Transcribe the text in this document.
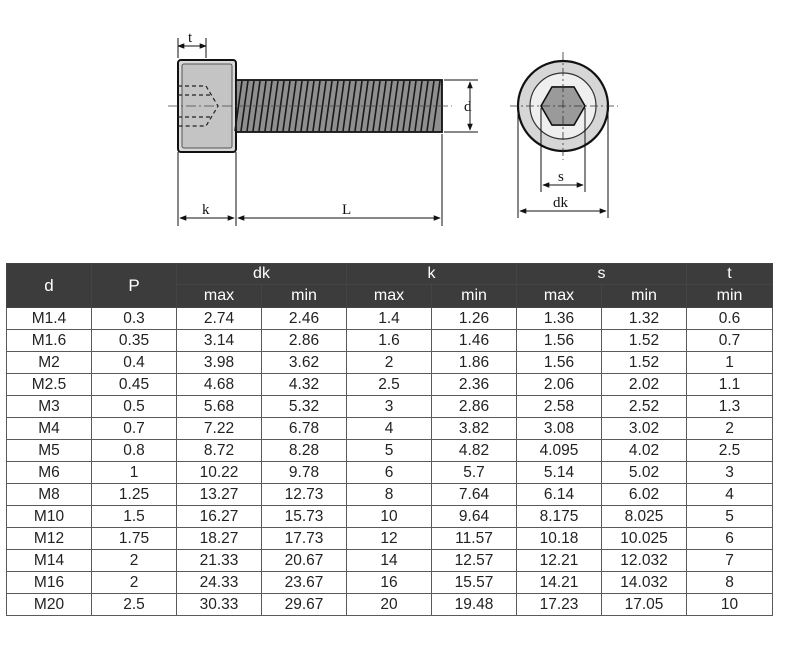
t
d
k	L
s
dk
d	P	dk		k		s		t
		max	min	max	min	max	min	min
M1.4	0.3	2.74	2.46	1.4	1.26	1.36	1.32	0.6
M1.6	0.35	3.14	2.86	1.6	1.46	1.56	1.52	0.7
M2	0.4	3.98	3.62	2	1.86	1.56	1.52	1
M2.5	0.45	4.68	4.32	2.5	2.36	2.06	2.02	1.1
M3	0.5	5.68	5.32	3	2.86	2.58	2.52	1.3
M4	0.7	7.22	6.78	4	3.82	3.08	3.02	2
M5	0.8	8.72	8.28	5	4.82	4.095	4.02	2.5
M6	1	10.22	9.78	6	5.7	5.14	5.02	3
M8	1.25	13.27	12.73	8	7.64	6.14	6.02	4
M10	1.5	16.27	15.73	10	9.64	8.175	8.025	5
M12	1.75	18.27	17.73	12	11.57	10.18	10.025	6
M14	2	21.33	20.67	14	12.57	12.21	12.032	7
M16	2	24.33	23.67	16	15.57	14.21	14.032	8
M20	2.5	30.33	29.67	20	19.48	17.23	17.05	10
